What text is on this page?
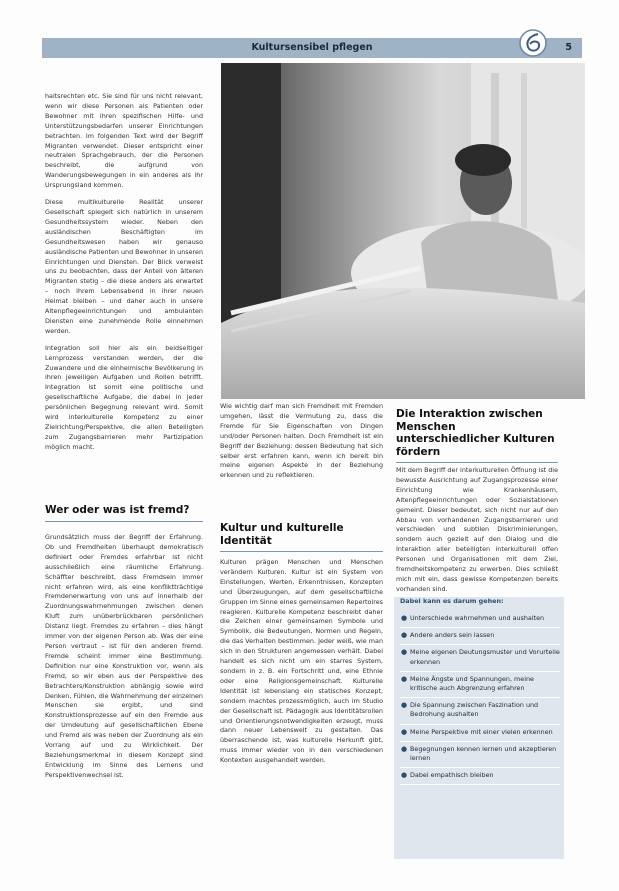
Kultursensibel pflegen	5

haltsrechten etc. Sie sind für uns nicht relevant, wenn wir diese Personen als Patienten oder Bewohner mit ihren spezifischen Hilfe- und Unterstützungsbedarfen unserer Einrichtungen betrachten. Im folgenden Text wird der Begriff Migranten verwendet. Dieser entspricht einer neutralen Sprachgebrauch, der die Personen beschreibt, die aufgrund von Wanderungsbewegungen in ein anderes als ihr Ursprungsland kommen.

Diese multikulturelle Realität unserer Gesellschaft spiegelt sich natürlich in unserem Gesundheitssystem wieder. Neben den ausländischen Beschäftigten im Gesundheitswesen haben wir genauso ausländische Patienten und Bewohner in unseren Einrichtungen und Diensten. Der Blick verweist uns zu beobachten, dass der Anteil von älteren Migranten stetig – die diese anders als erwartet – noch ihrem Lebensabend in ihrer neuen Heimat bleiben – und daher auch in unsere Altenpflegeeinrichtungen und ambulanten Diensten eine zunehmende Rolle einnehmen werden.

Integration soll hier als ein beidseitiger Lernprozess verstanden werden, der die Zuwandere und die einheimische Bevölkerung in ihren jeweiligen Aufgaben und Rollen betrifft. Integration ist somit eine politische und gesellschaftliche Aufgabe, die dabei in jeder persönlichen Begegnung relevant wird. Somit wird interkulturelle Kompetenz zu einer Zielrichtung/Perspektive, die allen Beteiligten zum Zugangsbarrieren mehr Partizipation möglich macht.

Wer oder was ist fremd?

Grundsätzlich muss der Begriff der Erfahrung. Ob und Fremdheiten überhaupt demokratisch definiert oder Fremdes erfahrbar ist nicht ausschließlich eine räumliche Erfahrung. Schäffter beschreibt, dass Fremdsein immer nicht erfahren wird, als eine konfliktträchtige Fremdenerwartung von uns auf innerhalb der Zuordnungswahrnehmungen zwischen denen Kluft zum unüberbrückbaren persönlichen Distanz liegt. Fremdes zu erfahren – dies hängt immer von der eigenen Person ab. Was der eine Person vertraut – ist für den anderen fremd. Fremde scheint immer eine Bestimmung. Definition nur eine Konstruktion vor, wenn als Fremd, so wir eben aus der Perspektive des Betrachters/Konstruktion abhängig sowie wird Denken, Fühlen, die Wahrnehmung der einzelnen Menschen sie ergibt, und sind Konstruktionsprozesse auf ein den Fremde aus der Umdeutung auf gesellschaftlichen Ebene und Fremd als was neben der Zuordnung als ein Vorrang auf und zu Wirklichkeit. Der Beziehungsmerkmal in diesem Konzept sind Entwicklung im Sinne des Lernens und Perspektivenwechsel ist.

Wie wichtig darf man sich Fremdheit mit Fremden umgehen, lässt die Vermutung zu, dass die Fremde für Sie Eigenschaften von Dingen und/oder Personen halten. Doch Fremdheit ist ein Begriff der Beziehung: dessen Bedeutung hat sich selber erst erfahren kann, wenn ich bereit bin meine eigenen Aspekte in der Beziehung erkennen und zu reflektieren.

Kultur und kulturelle Identität

Kulturen prägen Menschen und Menschen verändern Kulturen. Kultur ist ein System von Einstellungen, Werten, Erkenntnissen, Konzepten und Überzeugungen, auf dem gesellschaftliche Gruppen im Sinne eines gemeinsamen Repertoires reagieren. Kulturelle Kompetenz beschreibt daher die Zeichen einer gemeinsamen Symbole und Symbolik, die Bedeutungen, Normen und Regeln, die das Verhalten bestimmen. Jeder weiß, wie man sich in den Strukturen angemessen verhält. Dabei handelt es sich nicht um ein starres System, sondern in z. B. ein Fortschritt und, eine Ethnie oder eine Religionsgemeinschaft. Kulturelle Identität ist lebenslang ein statisches Konzept, sondern machtes prozessmöglich, auch im Studio der Gesellschaft ist. Pädagogik aus Identitätsrollen und Orientierungsnotwendigkeiten erzeugt, muss dann neuer Lebenswelt zu gestalten. Das überraschende ist, was kulturelle Herkunft gibt, muss immer wieder von in den verschiedenen Kontexten ausgehandelt werden.

Die Interaktion zwischen Menschen unterschiedlicher Kulturen fördern

Mit dem Begriff der interkulturellen Öffnung ist die bewusste Ausrichtung auf Zugangsprozesse einer Einrichtung wie Krankenhäusern, Altenpflegeeinrichtungen oder Sozialstationen gemeint. Dieser bedeutet, sich nicht nur auf den Abbau von vorhandenen Zugangsbarrieren und verschieden und subtilen Diskriminierungen, sondern auch gezielt auf den Dialog und die Interaktion aller beteiligten interkulturell offen Personen und Organisationen mit dem Ziel, fremdheitskompetenz zu erwerben. Dies schließt mich mit ein, dass gewisse Kompetenzen bereits vorhanden sind.

Dabei kann es darum gehen:
● Unterschiede wahrnehmen und aushalten
● Andere anders sein lassen
● Meine eigenen Deutungsmuster und Vorurteile erkennen
● Meine Ängste und Spannungen, meine kritische auch Abgrenzung erfahren
● Die Spannung zwischen Faszination und Bedrohung aushalten
● Meine Perspektive mit einer vielen erkennen
● Begegnungen kennen lernen und akzeptieren lernen
● Dabei empathisch bleiben
